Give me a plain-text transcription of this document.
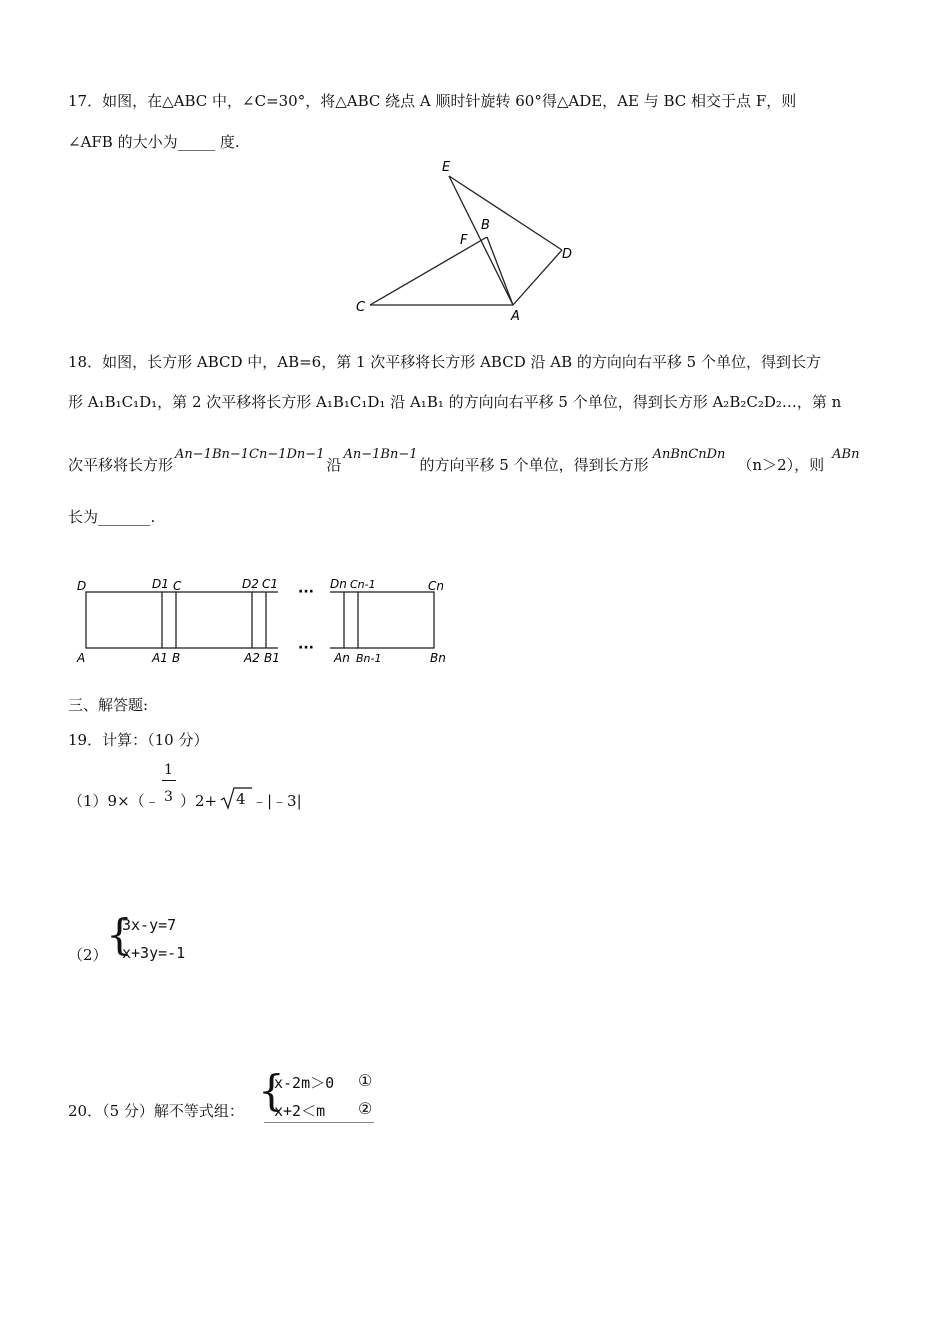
17．如图，在△ABC 中，∠C=30°，将△ABC 绕点 A 顺时针旋转 60°得△ADE，AE 与 BC 相交于点 F，则
∠AFB 的大小为_____ 度.
E
B
F
D
C
A
18．如图，长方形 ABCD 中，AB=6，第 1 次平移将长方形 ABCD 沿 AB 的方向向右平移 5 个单位，得到长方
形 A₁B₁C₁D₁，第 2 次平移将长方形 A₁B₁C₁D₁ 沿 A₁B₁ 的方向向右平移 5 个单位，得到长方形 A₂B₂C₂D₂…，第 n
次平移将长方形An−1Bn−1Cn−1Dn−1沿An−1Bn−1的方向平移 5 个单位，得到长方形AnBnCnDn（n＞2），则ABn
长为_______.
···
···
D	D1 C	D2 C1	Dn Cn-1	Cn
A	A1 B	A2 B1	An Bn-1	Bn
三、解答题:
19．计算：（10 分）
（1）9×（﹣
1
3 ）2+ 4 ﹣|﹣3|
（2）
{
3x-y=7
x+3y=-1
20．（5 分）解不等式组： {
x-2m＞0 ①
x+2＜m ②
